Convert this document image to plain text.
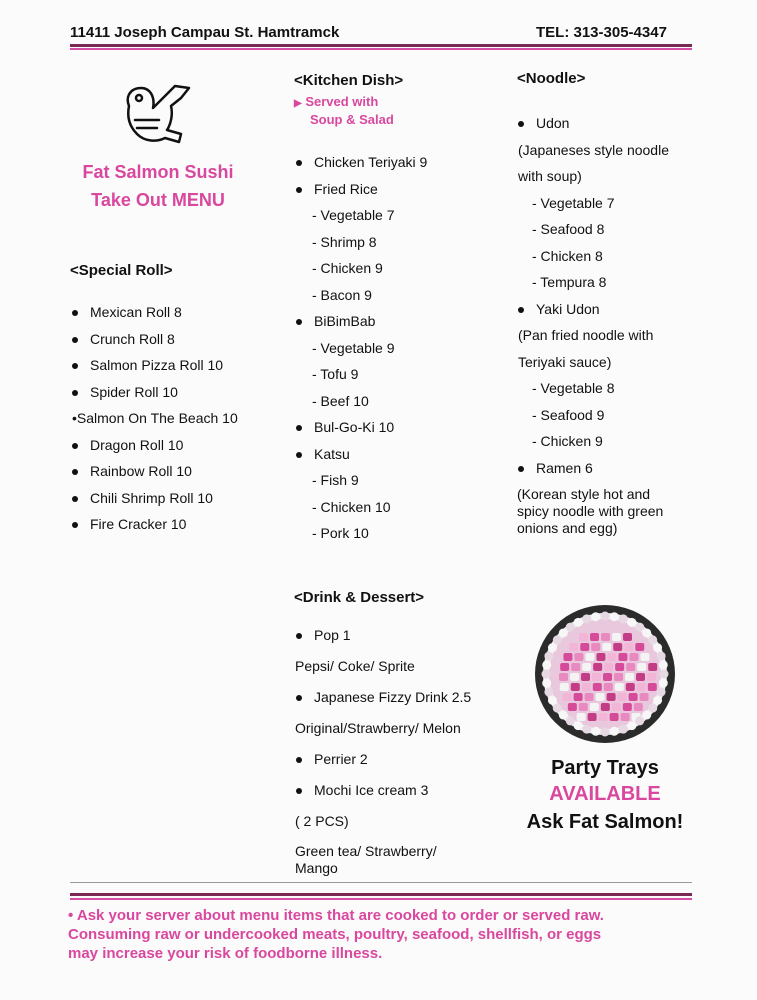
11411 Joseph Campau St. Hamtramck	TEL: 313-305-4347
Fat Salmon Sushi
Take Out MENU
<Special Roll>
Mexican Roll 8
Crunch Roll 8
Salmon Pizza Roll 10
Spider Roll 10
•Salmon On The Beach 10
Dragon Roll 10
Rainbow Roll 10
Chili Shrimp Roll 10
Fire Cracker 10
<Kitchen Dish>
▶ Served with
Soup & Salad
Chicken Teriyaki 9
Fried Rice
- Vegetable 7
- Shrimp 8
- Chicken 9
- Bacon 9
BiBimBab
- Vegetable 9
- Tofu 9
- Beef 10
Bul-Go-Ki 10
Katsu
- Fish 9
- Chicken 10
- Pork 10
<Drink & Dessert>
Pop 1
Pepsi/ Coke/ Sprite
Japanese Fizzy Drink 2.5
Original/Strawberry/ Melon
Perrier 2
Mochi Ice cream 3
( 2 PCS)
Green tea/ Strawberry/
Mango
<Noodle>
Udon
(Japaneses style noodle
with soup)
- Vegetable 7
- Seafood 8
- Chicken 8
- Tempura 8
Yaki Udon
(Pan fried noodle with
Teriyaki sauce)
- Vegetable 8
- Seafood 9
- Chicken 9
Ramen 6
(Korean style hot and
spicy noodle with green
onions and egg)
Party Trays
AVAILABLE
Ask Fat Salmon!
• Ask your server about menu items that are cooked to order or served raw.
Consuming raw or undercooked meats, poultry, seafood, shellfish, or eggs
may increase your risk of foodborne illness.
